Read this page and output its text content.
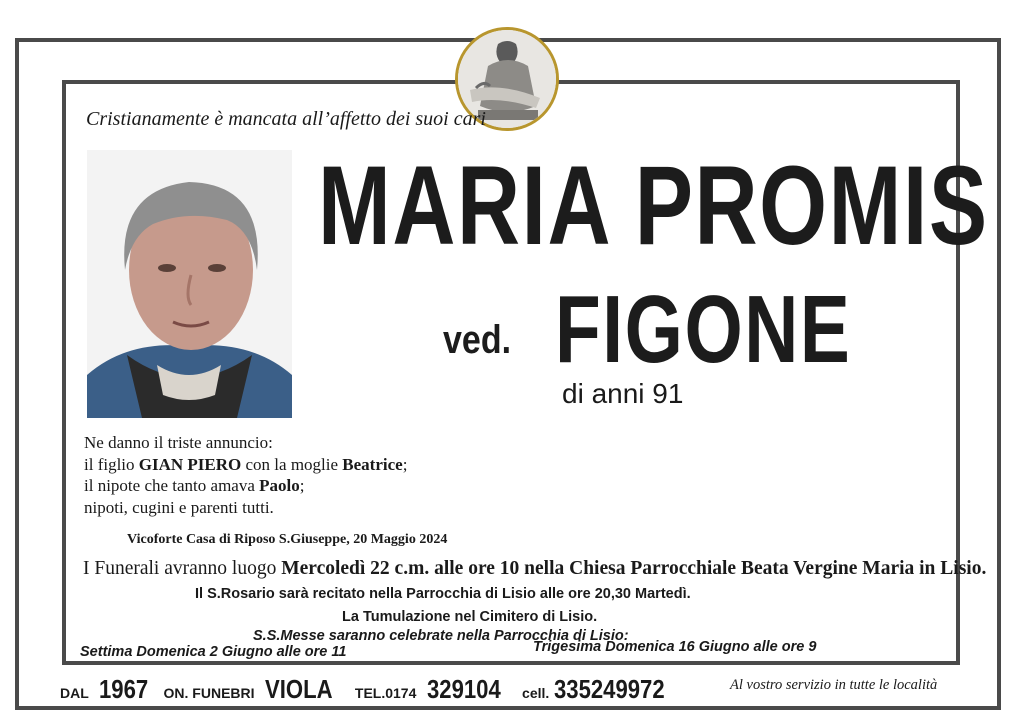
Cristianamente è mancata all’affetto dei suoi cari
MARIA PROMIS
ved. FIGONE
di anni 91
Ne danno il triste annuncio:
il figlio GIAN PIERO con la moglie Beatrice;
il nipote che tanto amava Paolo;
nipoti, cugini e parenti tutti.
Vicoforte Casa di Riposo S.Giuseppe, 20 Maggio 2024
I Funerali avranno luogo Mercoledì 22 c.m. alle ore 10 nella Chiesa Parrocchiale Beata Vergine Maria in Lisio.
Il S.Rosario sarà recitato nella Parrocchia di Lisio alle ore 20,30 Martedì.
La Tumulazione nel Cimitero di Lisio.
S.S.Messe saranno celebrate nella Parrocchia di Lisio:
Settima Domenica 2 Giugno alle ore 11	Trigesima Domenica 16 Giugno alle ore 9
DAL 1967 ON. FUNEBRI VIOLA TEL.0174 329104 cell. 335249972	Al vostro servizio in tutte le località
